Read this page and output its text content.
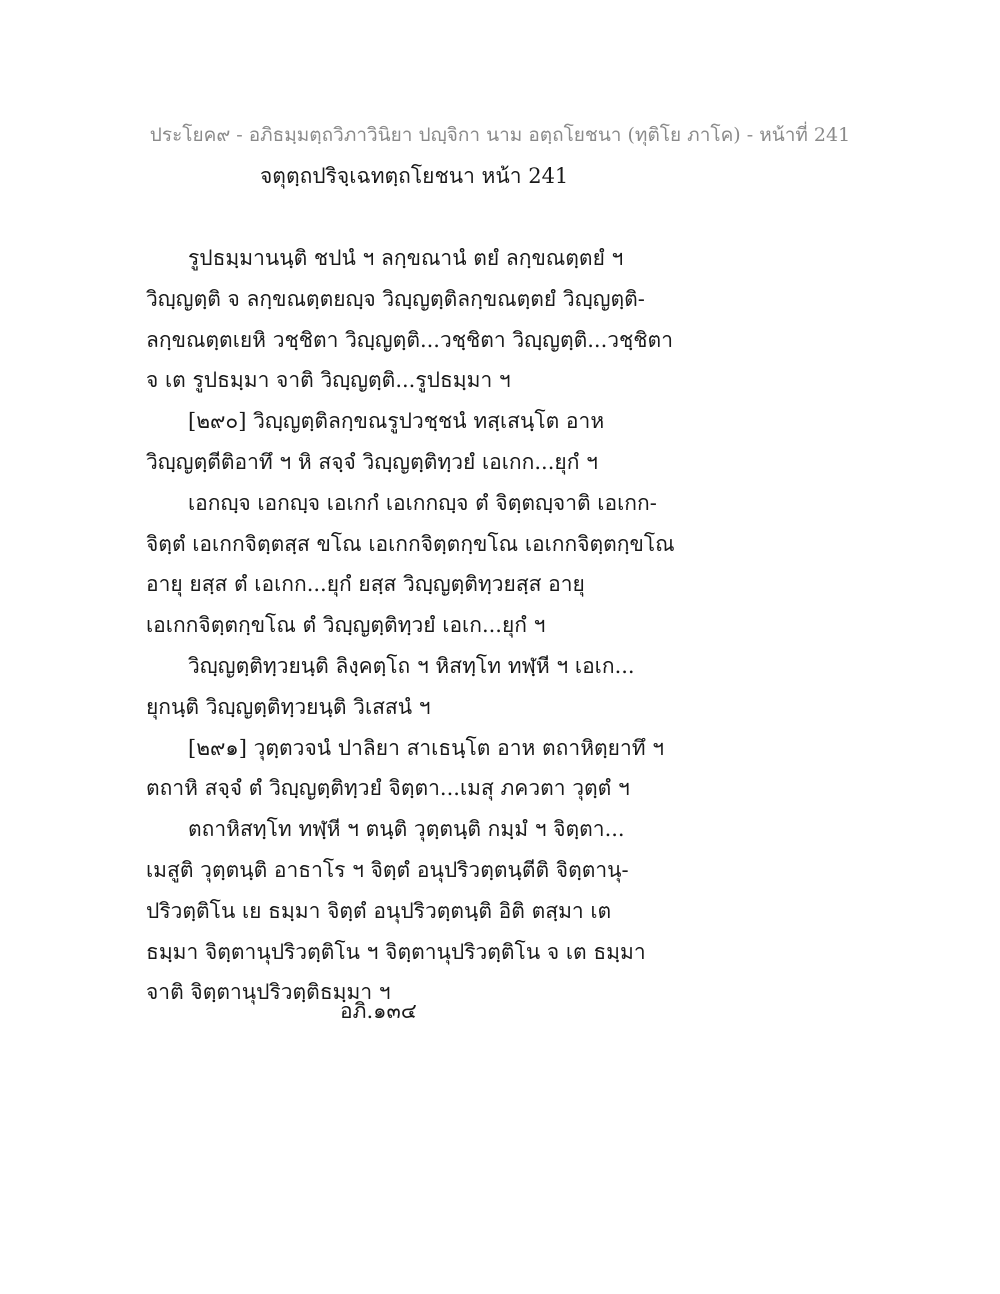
ประโยค๙ - อภิธมฺมตฺถวิภาวินิยา ปญฺจิกา นาม อตฺถโยชนา (ทุติโย ภาโค) - หน้าที่ 241
จตุตฺถปริจฺเฉทตฺถโยชนา หน้า 241
รูปธมฺมานนฺติ ชปนํ ฯ ลกฺขณานํ ตยํ ลกฺขณตฺตยํ ฯ
วิญฺญตฺติ จ ลกฺขณตฺตยญฺจ วิญฺญตฺติลกฺขณตฺตยํ วิญฺญตฺติ-
ลกฺขณตฺตเยหิ วชฺชิตา วิญฺญตฺติ...วชฺชิตา วิญฺญตฺติ...วชฺชิตา
จ เต รูปธมฺมา จาติ วิญฺญตฺติ...รูปธมฺมา ฯ
[๒๙๐] วิญฺญตฺติลกฺขณรูปวชฺชนํ ทสฺเสนฺโต อาห
วิญฺญตฺตีติอาทึ ฯ หิ สจฺจํ วิญฺญตฺติทฺวยํ เอเกก...ยุกํ ฯ
เอกญฺจ เอกญฺจ เอเกกํ เอเกกญฺจ ตํ จิตฺตญฺจาติ เอเกก-
จิตฺตํ เอเกกจิตฺตสฺส ขโณ เอเกกจิตฺตกฺขโณ เอเกกจิตฺตกฺขโณ
อายุ ยสฺส ตํ เอเกก...ยุกํ ยสฺส วิญฺญตฺติทฺวยสฺส อายุ
เอเกกจิตฺตกฺขโณ ตํ วิญฺญตฺติทฺวยํ เอเก...ยุกํ ฯ
วิญฺญตฺติทฺวยนฺติ ลิงฺคตฺโถ ฯ หิสทฺโท ทฬฺหี ฯ เอเก...
ยุกนฺติ วิญฺญตฺติทฺวยนฺติ วิเสสนํ ฯ
[๒๙๑] วุตฺตวจนํ ปาลิยา สาเธนฺโต อาห ตถาหิตฺยาทึ ฯ
ตถาหิ สจฺจํ ตํ วิญฺญตฺติทฺวยํ จิตฺตา...เมสุ ภควตา วุตฺตํ ฯ
ตถาหิสทฺโท ทฬฺหี ฯ ตนฺติ วุตฺตนฺติ กมฺมํ ฯ จิตฺตา...
เมสูติ วุตฺตนฺติ อาธาโร ฯ จิตฺตํ อนุปริวตฺตนฺตีติ จิตฺตานุ-
ปริวตฺติโน เย ธมฺมา จิตฺตํ อนุปริวตฺตนฺติ อิติ ตสฺมา เต
ธมฺมา จิตฺตานุปริวตฺติโน ฯ จิตฺตานุปริวตฺติโน จ เต ธมฺมา
จาติ จิตฺตานุปริวตฺติธมฺมา ฯ
อภิ.๑๓๔
